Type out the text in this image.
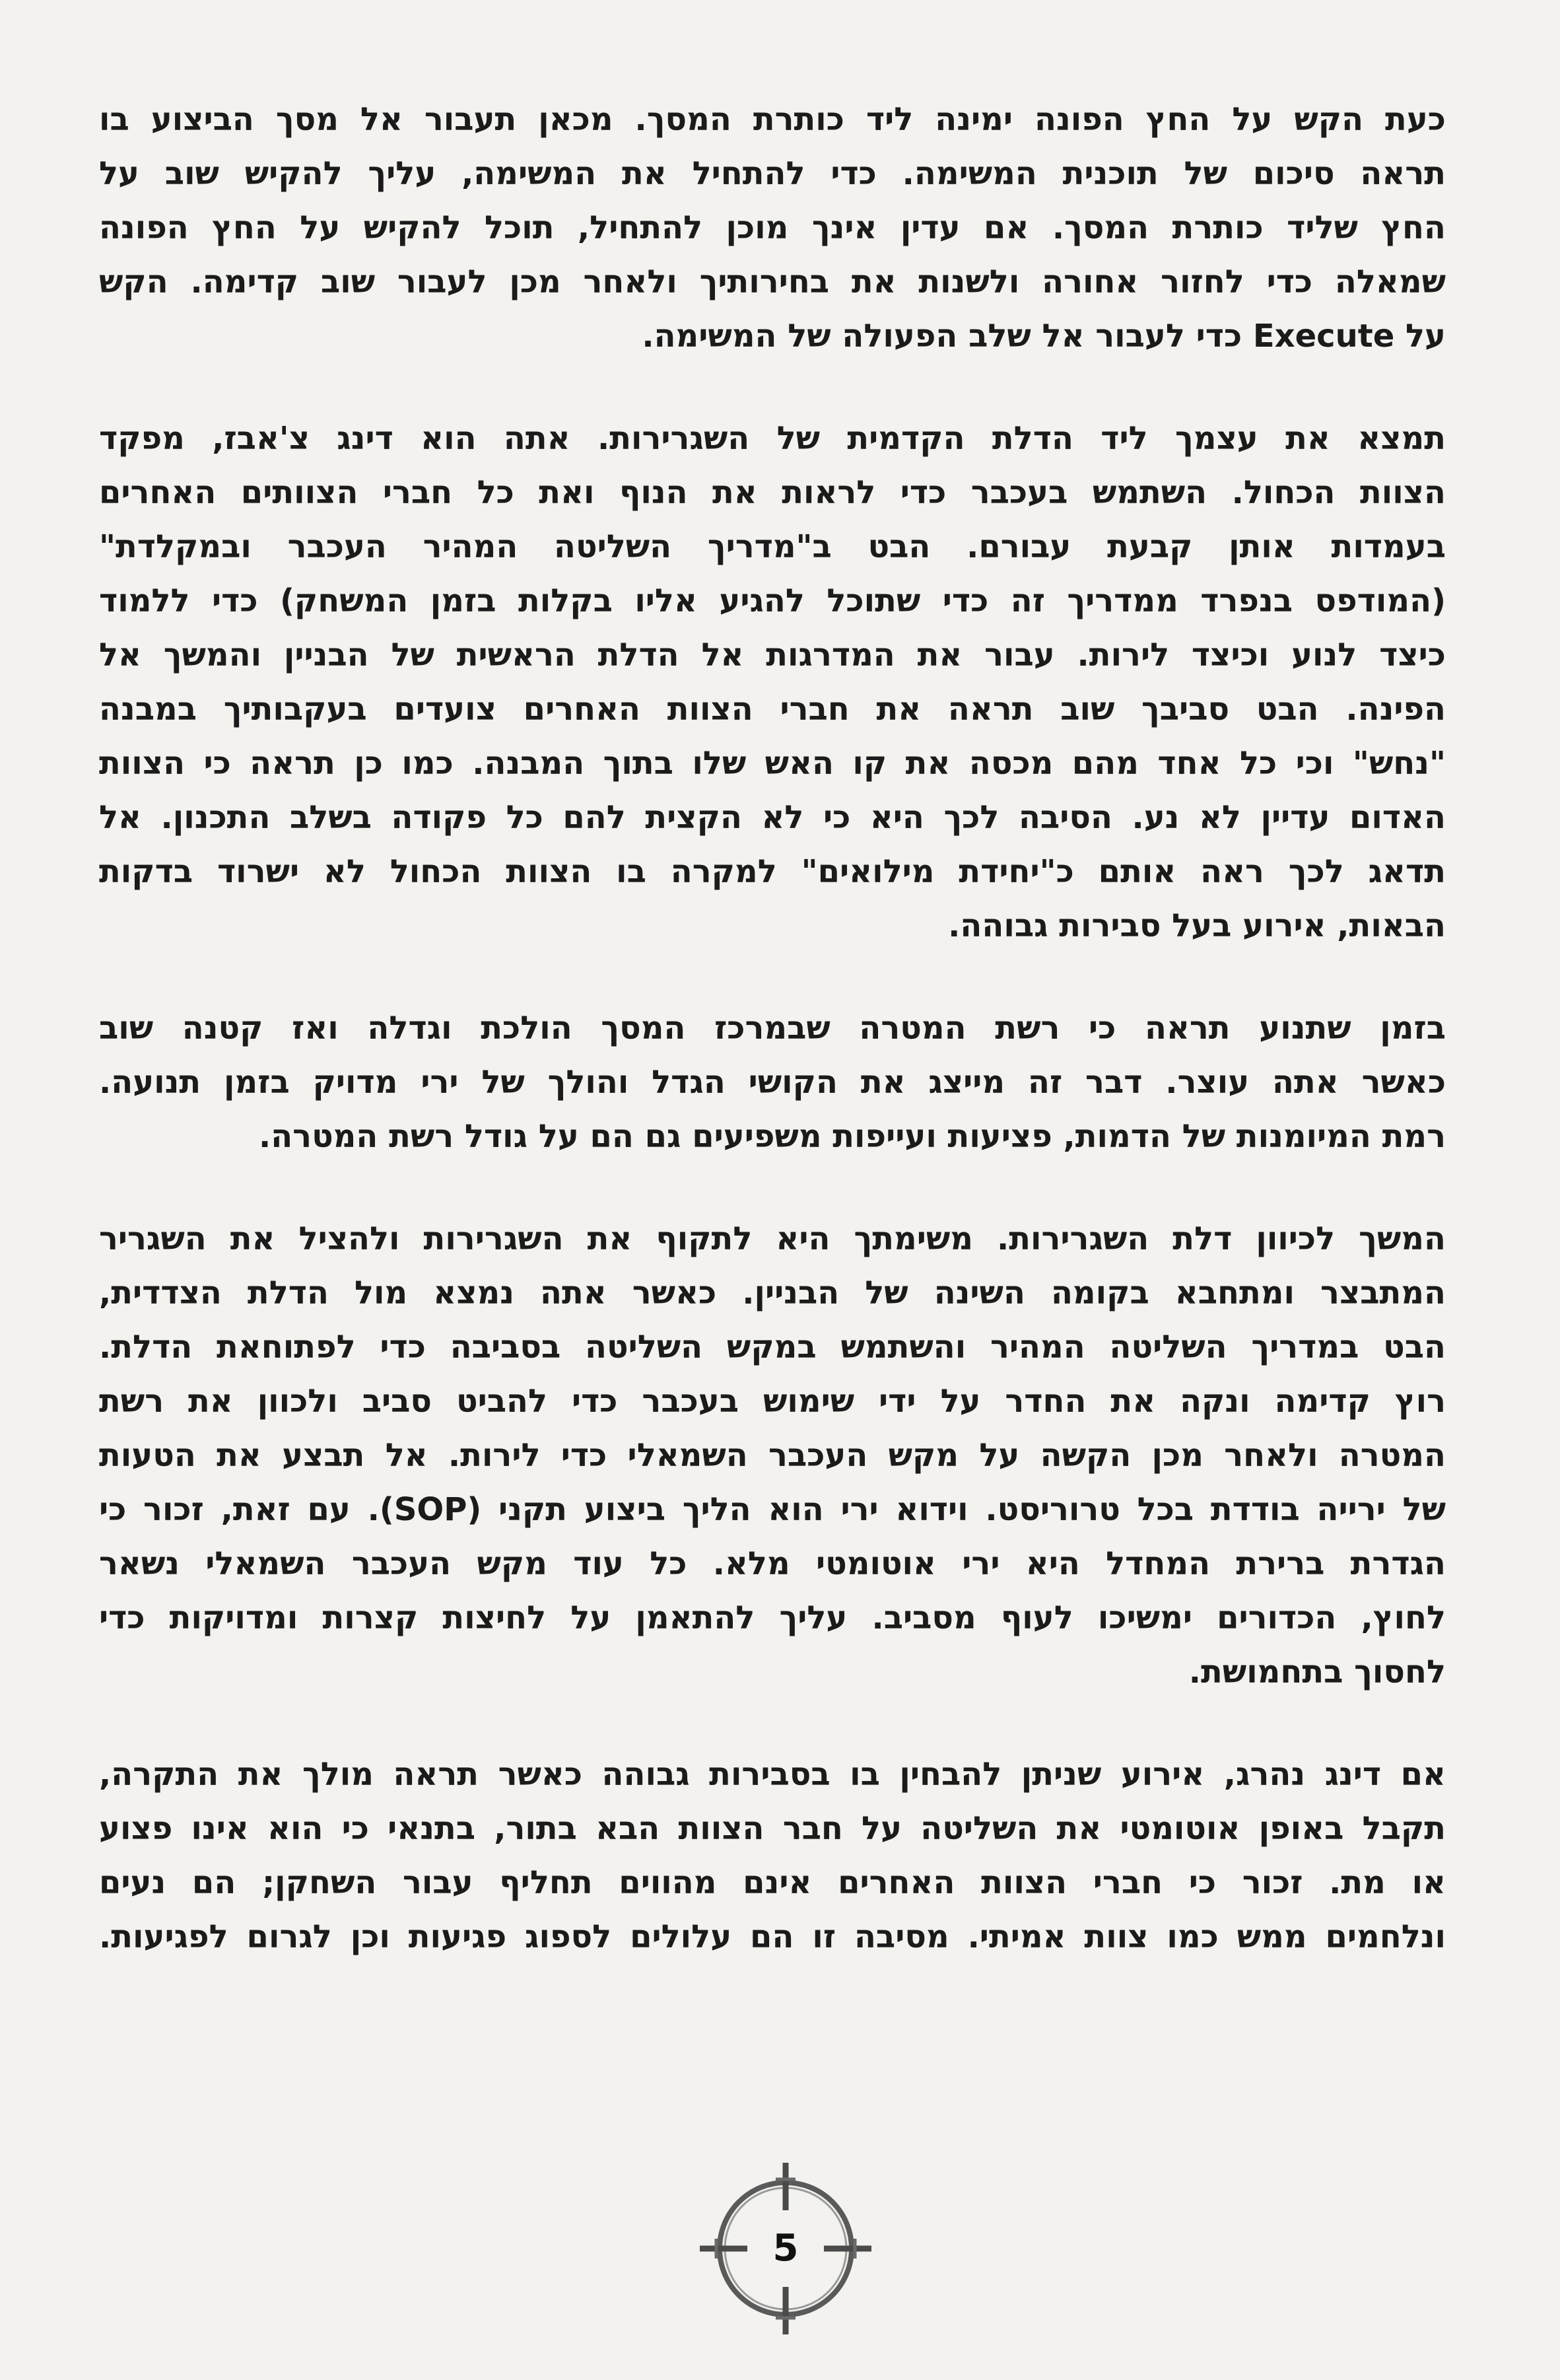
כעת הקש על החץ הפונה ימינה ליד כותרת המסך. מכאן תעבור אל מסך הביצוע בו
תראה סיכום של תוכנית המשימה. כדי להתחיל את המשימה, עליך להקיש שוב על
החץ שליד כותרת המסך. אם עדין אינך מוכן להתחיל, תוכל להקיש על החץ הפונה
שמאלה כדי לחזור אחורה ולשנות את בחירותיך ולאחר מכן לעבור שוב קדימה. הקש
על Execute כדי לעבור אל שלב הפעולה של המשימה.
תמצא את עצמך ליד הדלת הקדמית של השגרירות. אתה הוא דינג צ'אבז, מפקד
הצוות הכחול. השתמש בעכבר כדי לראות את הנוף ואת כל חברי הצוותים האחרים
בעמדות אותן קבעת עבורם. הבט ב"מדריך השליטה המהיר העכבר ובמקלדת"
(המודפס בנפרד ממדריך זה כדי שתוכל להגיע אליו בקלות בזמן המשחק) כדי ללמוד
כיצד לנוע וכיצד לירות. עבור את המדרגות אל הדלת הראשית של הבניין והמשך אל
הפינה. הבט סביבך שוב תראה את חברי הצוות האחרים צועדים בעקבותיך במבנה
"נחש" וכי כל אחד מהם מכסה את קו האש שלו בתוך המבנה. כמו כן תראה כי הצוות
האדום עדיין לא נע. הסיבה לכך היא כי לא הקצית להם כל פקודה בשלב התכנון. אל
תדאג לכך ראה אותם כ"יחידת מילואים" למקרה בו הצוות הכחול לא ישרוד בדקות
הבאות, אירוע בעל סבירות גבוהה.
בזמן שתנוע תראה כי רשת המטרה שבמרכז המסך הולכת וגדלה ואז קטנה שוב
כאשר אתה עוצר. דבר זה מייצג את הקושי הגדל והולך של ירי מדויק בזמן תנועה.
רמת המיומנות של הדמות, פציעות ועייפות משפיעים גם הם על גודל רשת המטרה.
המשך לכיוון דלת השגרירות. משימתך היא לתקוף את השגרירות ולהציל את השגריר
המתבצר ומתחבא בקומה השינה של הבניין. כאשר אתה נמצא מול הדלת הצדדית,
הבט במדריך השליטה המהיר והשתמש במקש השליטה בסביבה כדי לפתוחאת הדלת.
רוץ קדימה ונקה את החדר על ידי שימוש בעכבר כדי להביט סביב ולכוון את רשת
המטרה ולאחר מכן הקשה על מקש העכבר השמאלי כדי לירות. אל תבצע את הטעות
של ירייה בודדת בכל טרוריסט. וידוא ירי הוא הליך ביצוע תקני (SOP). עם זאת, זכור כי
הגדרת ברירת המחדל היא ירי אוטומטי מלא. כל עוד מקש העכבר השמאלי נשאר
לחוץ, הכדורים ימשיכו לעוף מסביב. עליך להתאמן על לחיצות קצרות ומדויקות כדי
לחסוך בתחמושת.
אם דינג נהרג, אירוע שניתן להבחין בו בסבירות גבוהה כאשר תראה מולך את התקרה,
תקבל באופן אוטומטי את השליטה על חבר הצוות הבא בתור, בתנאי כי הוא אינו פצוע
או מת. זכור כי חברי הצוות האחרים אינם מהווים תחליף עבור השחקן; הם נעים
ונלחמים ממש כמו צוות אמיתי. מסיבה זו הם עלולים לספוג פגיעות וכן לגרום לפגיעות.
5
